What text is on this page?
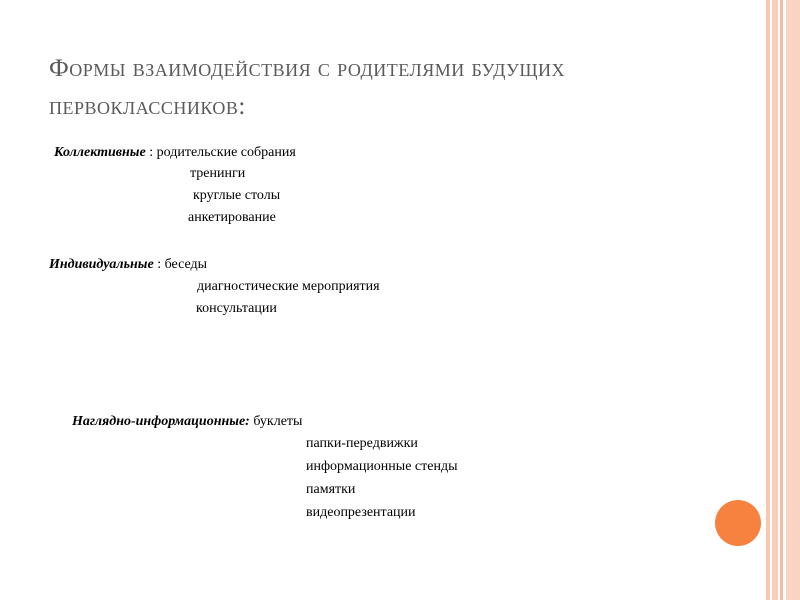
Формы взаимодействия с родителями будущих первоклассников:
Коллективные : родительские собрания
тренинги
круглые столы
анкетирование
Индивидуальные : беседы
диагностические мероприятия
консультации
Наглядно-информационные: буклеты
папки-передвижки
информационные стенды
памятки
видеопрезентации
